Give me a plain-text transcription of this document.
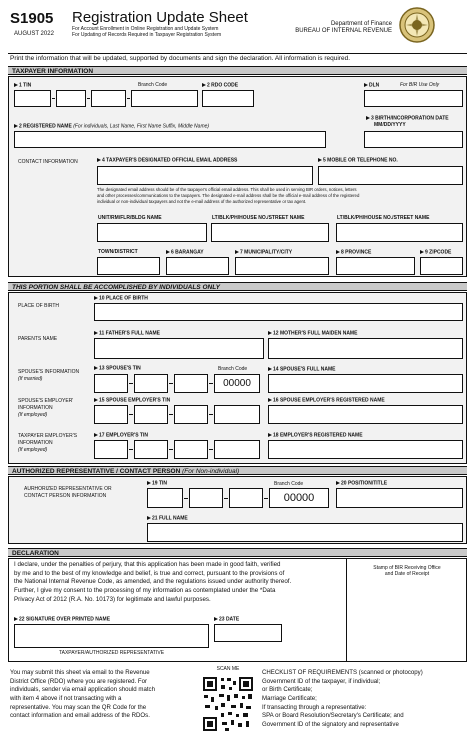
S1905
AUGUST 2022
Registration Update Sheet
For Account Enrollment in Online Registration and Update System
For Updating of Records Required in Taxpayer Registration System
Department of Finance
BUREAU OF INTERNAL REVENUE
Print the information that will be updated, supported by documents and sign the declaration. All information is required.
TAXPAYER INFORMATION
1 TIN	Branch Code	2 RDO CODE	For BIR Use Only
DLN
2 REGISTERED NAME (For individuals, Last Name, First Name Suffix, Middle Name)
3 BIRTH/INCORPORATION DATE
MM/DD/YYYY
CONTACT INFORMATION	4 TAXPAYER'S DESIGNATED OFFICIAL EMAIL ADDRESS	5 MOBILE OR TELEPHONE NO.
The designated email address should be of the taxpayer's official email address. This shall be used in serving BIR orders, notices, letters
and other processes/communications to the taxpayers. The designated e-mail address shall be the official e-mail address of the registered
individual or non-individual taxpayers and not the e-mail address of the authorized representative or tax agent.
UNIT/RM/FLR/BLDG NAME	LT/BLK/PH/HOUSE NO./STREET NAME	LT/BLK/PH/HOUSE NO./STREET NAME
TOWN/DISTRICT	6 BARANGAY	7 MUNICIPALITY/CITY	8 PROVINCE	9 ZIPCODE
THIS PORTION SHALL BE ACCOMPLISHED BY INDIVIDUALS ONLY
PLACE OF BIRTH
10 PLACE OF BIRTH
PARENTS NAME
11 FATHER'S FULL NAME	12 MOTHER'S FULL MAIDEN NAME
SPOUSE'S INFORMATION
(If married)
13 SPOUSE'S TIN	Branch Code
00000
14 SPOUSE'S FULL NAME
SPOUSE'S EMPLOYER'
INFORMATION
(If employed)
15 SPOUSE EMPLOYER'S TIN	16 SPOUSE EMPLOYER'S REGISTERED NAME
TAXPAYER EMPLOYER'S
INFORMATION
(If employed)
17 EMPLOYER'S TIN	18 EMPLOYER'S REGISTERED NAME
AUTHORIZED REPRESENTATIVE / CONTACT PERSON (For Non-individual)
AURHORIZED REPRESENTATIVE OR
CONTACT PERSON INFORMATION
19 TIN	Branch Code
00000
20 POSITION/TITLE
21 FULL NAME
DECLARATION
I declare, under the penalties of perjury, that this application has been made in good faith, verified
by me and to the best of my knowledge and belief, is true and correct, pursuant to the provisions of
the National Internal Revenue Code, as amended, and the regulations issued under authority thereof.
Further, I give my consent to the processing of my information as contemplated under the *Data
Privacy Act of 2012 (R.A. No. 10173) for legitimate and lawful purposes.
Stamp of BIR Receiving Office
and Date of Receipt
22 SIGNATURE OVER PRINTED NAME
TAXPAYER/AUTHORIZED REPRESENTATIVE
23 DATE
You may submit this sheet via email to the Revenue
District Office (RDO) where you are registered. For
individuals, sender via email application should match
with item 4 above if not transacting with a
representative. You may scan the QR Code for the
contact information and email address of the RDOs.
SCAN ME	CHECKLIST OF REQUIREMENTS (scanned or photocopy)
Government ID of the taxpayer, if individual;
or Birth Certificate;
Marriage Certificate;
If transacting through a representative:
SPA or Board Resolution/Secretary's Certificate; and
Government ID of the signatory and representative
